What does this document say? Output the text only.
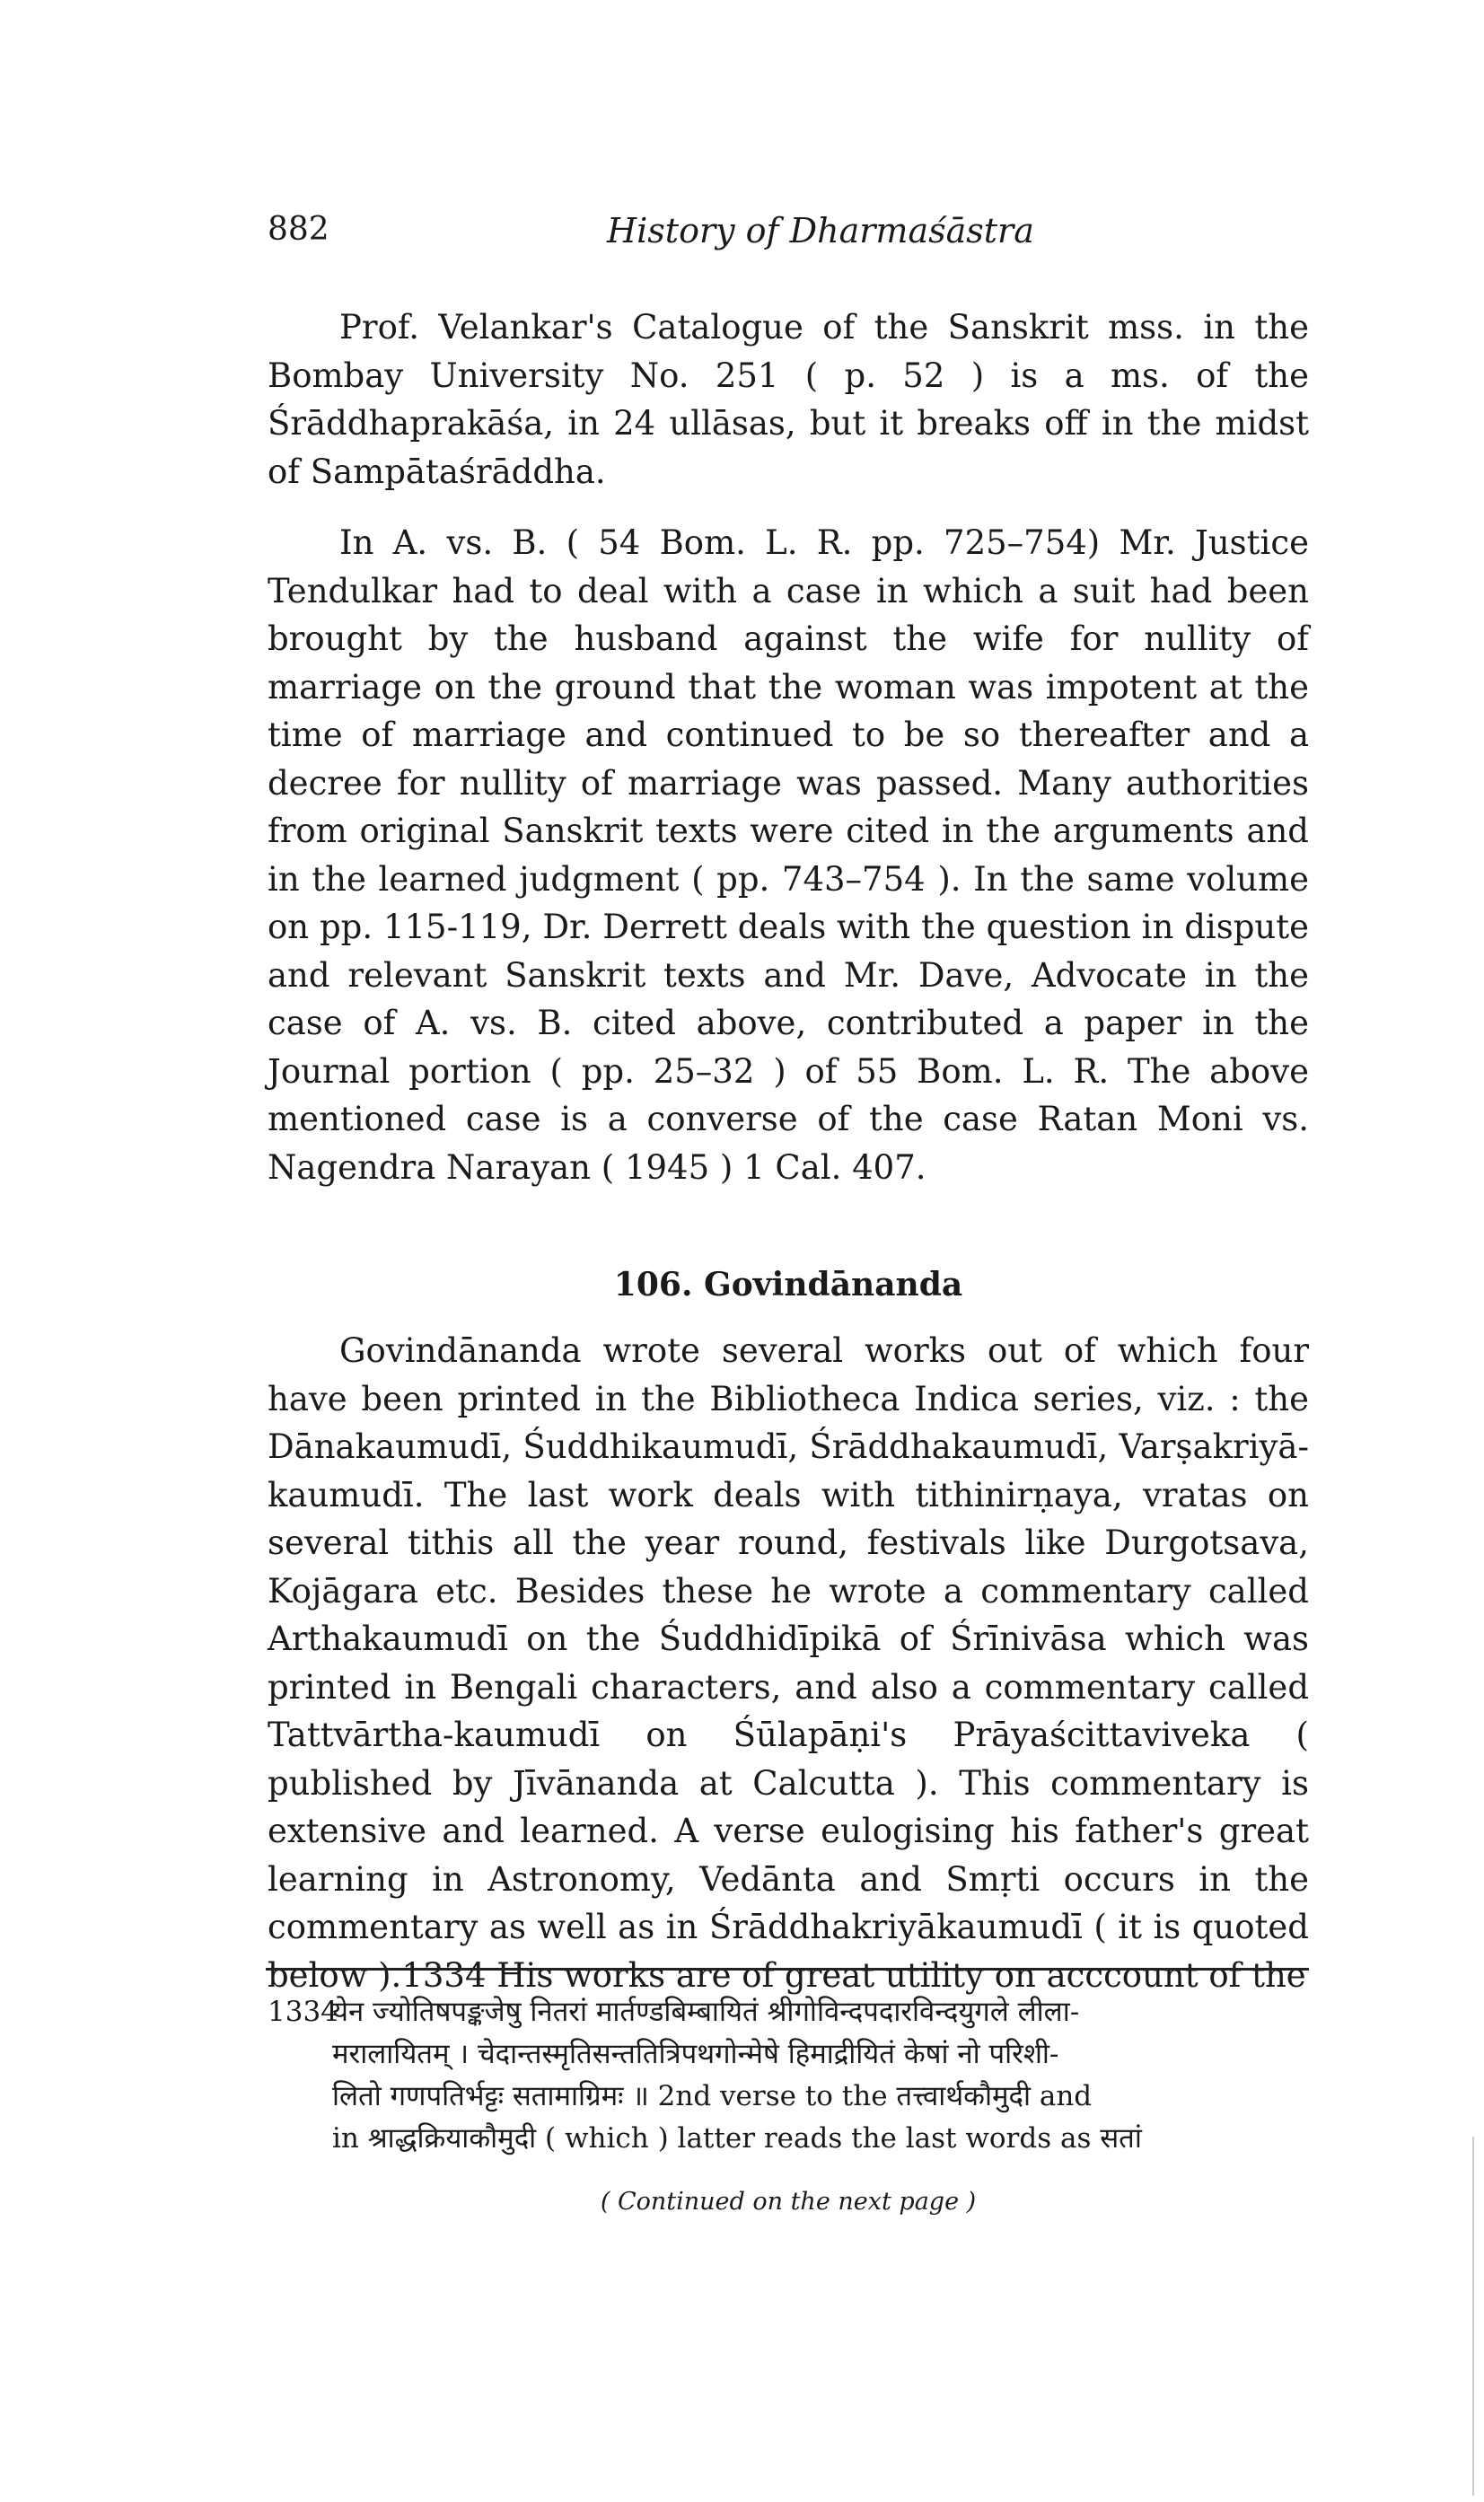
882	History of Dharmaśāstra

Prof. Velankar's Catalogue of the Sanskrit mss. in the Bombay University No. 251 ( p. 52 ) is a ms. of the Śrāddhaprakāśa, in 24 ullāsas, but it breaks off in the midst of Sampātaśrāddha.

In A. vs. B. ( 54 Bom. L. R. pp. 725–754) Mr. Justice Tendulkar had to deal with a case in which a suit had been brought by the husband against the wife for nullity of marriage on the ground that the woman was impotent at the time of marriage and continued to be so thereafter and a decree for nullity of marriage was passed. Many authorities from original Sanskrit texts were cited in the arguments and in the learned judgment ( pp. 743–754 ). In the same volume on pp. 115-119, Dr. Derrett deals with the question in dispute and relevant Sanskrit texts and Mr. Dave, Advocate in the case of A. vs. B. cited above, contributed a paper in the Journal portion ( pp. 25–32 ) of 55 Bom. L. R. The above mentioned case is a converse of the case Ratan Moni vs. Nagendra Narayan ( 1945 ) 1 Cal. 407.

106. Govindānanda

Govindānanda wrote several works out of which four have been printed in the Bibliotheca Indica series, viz. : the Dānakaumudī, Śuddhikaumudī, Śrāddhakaumudī, Varṣakriyā-kaumudī. The last work deals with tithinirṇaya, vratas on several tithis all the year round, festivals like Durgotsava, Kojāgara etc. Besides these he wrote a commentary called Arthakaumudī on the Śuddhidīpikā of Śrīnivāsa which was printed in Bengali characters, and also a commentary called Tattvārtha-kaumudī on Śūlapāṇi's Prāyaścittaviveka ( published by Jīvānanda at Calcutta ). This commentary is extensive and learned. A verse eulogising his father's great learning in Astronomy, Vedānta and Smṛti occurs in the commentary as well as in Śrāddhakriyākaumudī ( it is quoted below ).1334 His works are of great utility on acccount of the

1334येन ज्योतिषपङ्कजेषु नितरां मार्तण्डबिम्बायितं श्रीगोविन्दपदारविन्दयुगले लीला-
मरालायितम् । चेदान्तस्मृतिसन्ततित्रिपथगोन्मेषे हिमाद्रीयितं केषां नो परिशी-
लितो गणपतिर्भट्टः सतामाग्रिमः ॥ 2nd verse to the तत्त्वार्थकौमुदी and
in श्राद्धक्रियाकौमुदी ( which ) latter reads the last words as सतां
( Continued on the next page )
